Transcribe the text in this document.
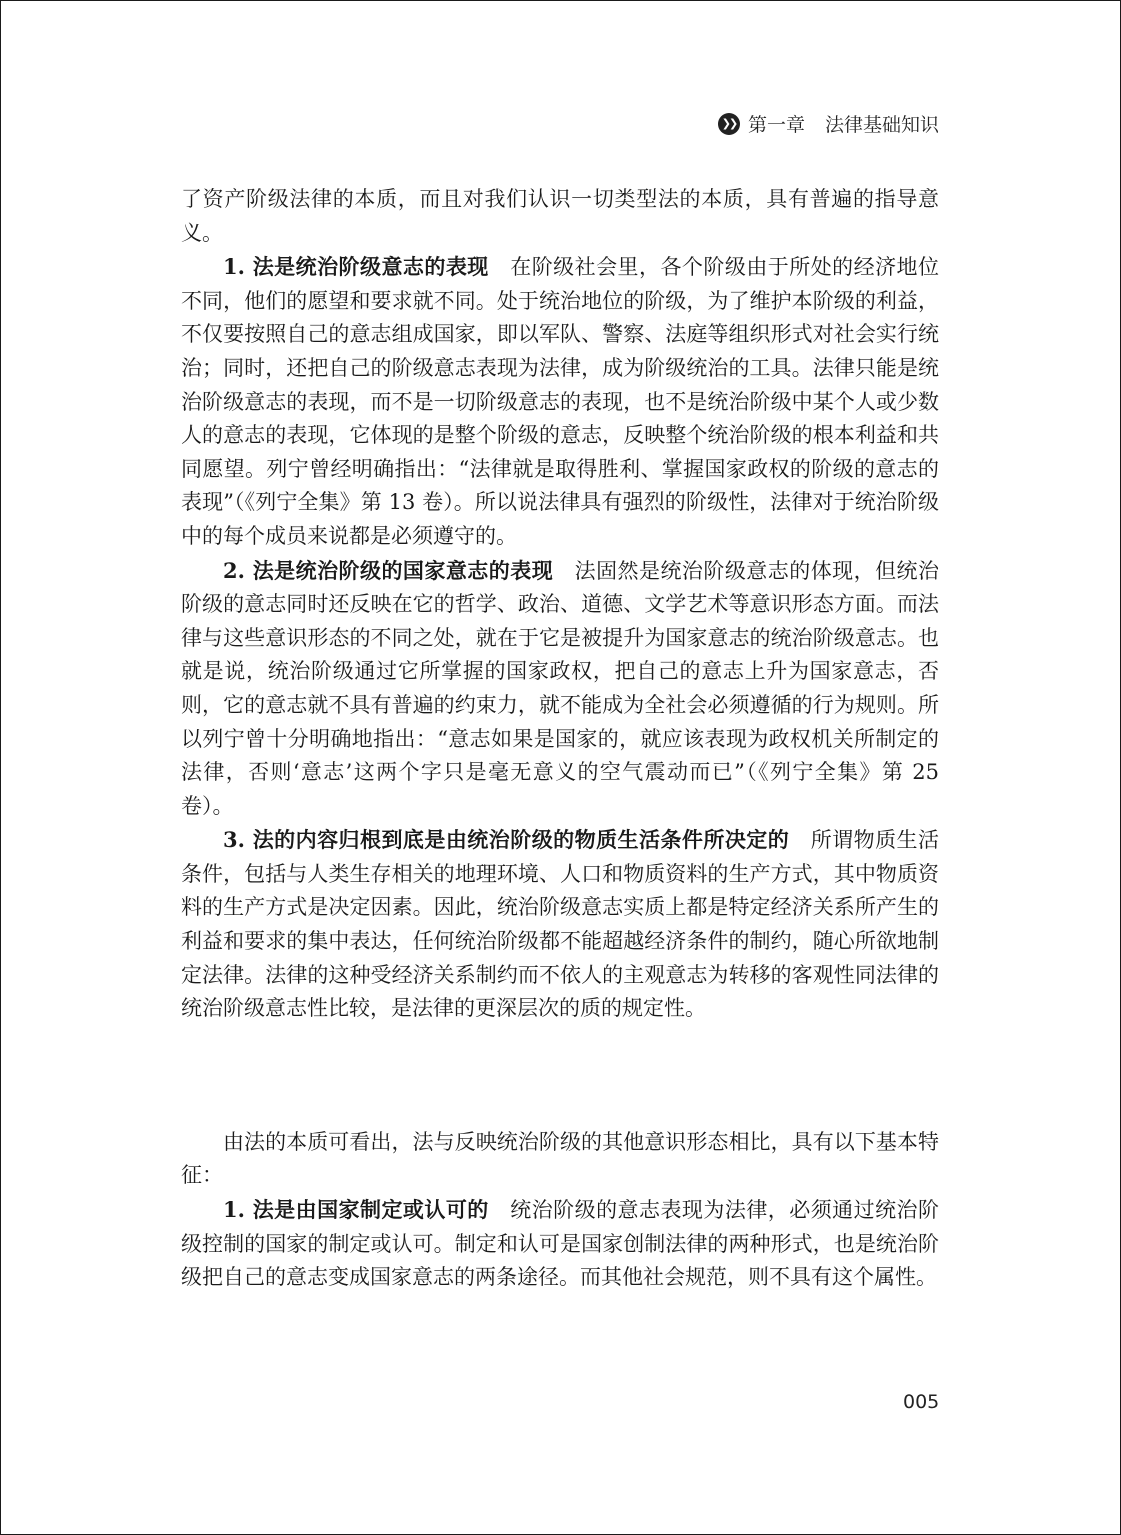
❯❯ 第一章 法律基础知识

了资产阶级法律的本质，而且对我们认识一切类型法的本质，具有普遍的指导意义。

1. 法是统治阶级意志的表现  在阶级社会里，各个阶级由于所处的经济地位不同，他们的愿望和要求就不同。处于统治地位的阶级，为了维护本阶级的利益，不仅要按照自己的意志组成国家，即以军队、警察、法庭等组织形式对社会实行统治；同时，还把自己的阶级意志表现为法律，成为阶级统治的工具。法律只能是统治阶级意志的表现，而不是一切阶级意志的表现，也不是统治阶级中某个人或少数人的意志的表现，它体现的是整个阶级的意志，反映整个统治阶级的根本利益和共同愿望。列宁曾经明确指出：“法律就是取得胜利、掌握国家政权的阶级的意志的表现”（《列宁全集》第 13 卷）。所以说法律具有强烈的阶级性，法律对于统治阶级中的每个成员来说都是必须遵守的。

2. 法是统治阶级的国家意志的表现  法固然是统治阶级意志的体现，但统治阶级的意志同时还反映在它的哲学、政治、道德、文学艺术等意识形态方面。而法律与这些意识形态的不同之处，就在于它是被提升为国家意志的统治阶级意志。也就是说，统治阶级通过它所掌握的国家政权，把自己的意志上升为国家意志，否则，它的意志就不具有普遍的约束力，就不能成为全社会必须遵循的行为规则。所以列宁曾十分明确地指出：“意志如果是国家的，就应该表现为政权机关所制定的法律，否则‘意志’这两个字只是毫无意义的空气震动而已”（《列宁全集》第 25 卷）。

3. 法的内容归根到底是由统治阶级的物质生活条件所决定的  所谓物质生活条件，包括与人类生存相关的地理环境、人口和物质资料的生产方式，其中物质资料的生产方式是决定因素。因此，统治阶级意志实质上都是特定经济关系所产生的利益和要求的集中表达，任何统治阶级都不能超越经济条件的制约，随心所欲地制定法律。法律的这种受经济关系制约而不依人的主观意志为转移的客观性同法律的统治阶级意志性比较，是法律的更深层次的质的规定性。

由法的本质可看出，法与反映统治阶级的其他意识形态相比，具有以下基本特征：

1. 法是由国家制定或认可的  统治阶级的意志表现为法律，必须通过统治阶级控制的国家的制定或认可。制定和认可是国家创制法律的两种形式，也是统治阶级把自己的意志变成国家意志的两条途径。而其他社会规范，则不具有这个属性。

005
